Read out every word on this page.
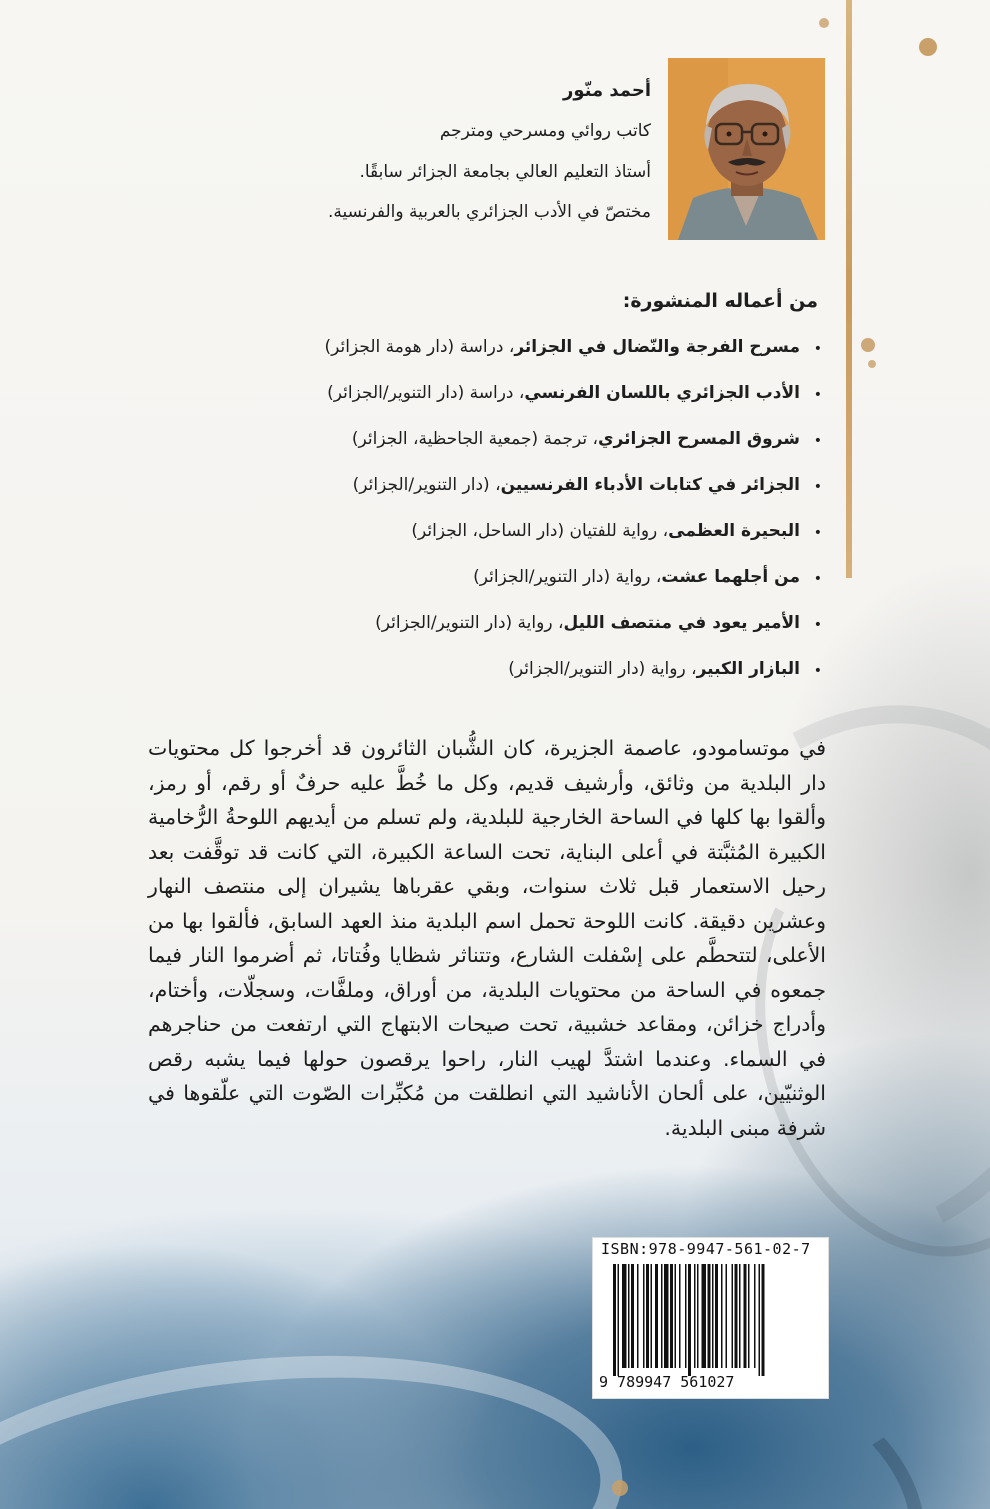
أحمد منّور
كاتب روائي ومسرحي ومترجم
أستاذ التعليم العالي بجامعة الجزائر سابقًا.
مختصّ في الأدب الجزائري بالعربية والفرنسية.
من أعماله المنشورة:
•
مسرح الفرجة والنّضال في الجزائر، دراسة (دار هومة الجزائر)
•
الأدب الجزائري باللسان الفرنسي، دراسة (دار التنوير/الجزائر)
•
شروق المسرح الجزائري، ترجمة (جمعية الجاحظية، الجزائر)
•
الجزائر في كتابات الأدباء الفرنسيين، (دار التنوير/الجزائر)
•
البحيرة العظمى، رواية للفتيان (دار الساحل، الجزائر)
•
من أجلهما عشت، رواية (دار التنوير/الجزائر)
•
الأمير يعود في منتصف الليل، رواية (دار التنوير/الجزائر)
•
البازار الكبير، رواية (دار التنوير/الجزائر)

في موتسامودو، عاصمة الجزيرة، كان الشُّبان الثائرون قد أخرجوا كل محتويات دار البلدية من وثائق، وأرشيف قديم، وكل ما خُطَّ عليه حرفٌ أو رقم، أو رمز، وألقوا بها كلها في الساحة الخارجية للبلدية، ولم تسلم من أيديهم اللوحةُ الرُّخامية الكبيرة المُثبَّتة في أعلى البناية، تحت الساعة الكبيرة، التي كانت قد توقَّفت بعد رحيل الاستعمار قبل ثلاث سنوات، وبقي عقرباها يشيران إلى منتصف النهار وعشرين دقيقة. كانت اللوحة تحمل اسم البلدية منذ العهد السابق، فألقوا بها من الأعلى، لتتحطَّم على إسْفلت الشارع، وتتناثر شظايا وفُتاتا، ثم أضرموا النار فيما جمعوه في الساحة من محتويات البلدية، من أوراق، وملفَّات، وسجلّات، وأختام، وأدراج خزائن، ومقاعد خشبية، تحت صيحات الابتهاج التي ارتفعت من حناجرهم في السماء. وعندما اشتدَّ لهيب النار، راحوا يرقصون حولها فيما يشبه رقص الوثنيّين، على ألحان الأناشيد التي انطلقت من مُكبِّرات الصّوت التي علّقوها في شرفة مبنى البلدية.

ISBN:978-9947-561-02-7
9 789947 561027
